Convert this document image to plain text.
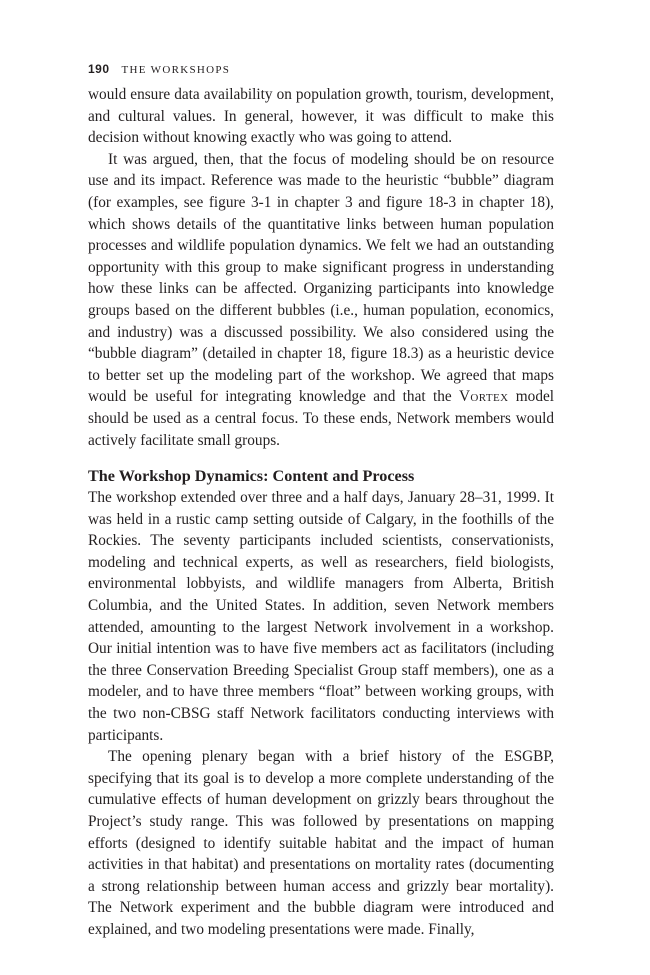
190 THE WORKSHOPS

would ensure data availability on population growth, tourism, development, and cultural values. In general, however, it was difficult to make this decision without knowing exactly who was going to attend.

It was argued, then, that the focus of modeling should be on resource use and its impact. Reference was made to the heuristic “bubble” diagram (for examples, see figure 3-1 in chapter 3 and figure 18-3 in chapter 18), which shows details of the quantitative links between human population processes and wildlife population dynamics. We felt we had an outstanding opportunity with this group to make significant progress in understanding how these links can be affected. Organizing participants into knowledge groups based on the different bubbles (i.e., human population, economics, and industry) was a discussed possibility. We also considered using the “bubble diagram” (detailed in chapter 18, figure 18.3) as a heuristic device to better set up the modeling part of the workshop. We agreed that maps would be useful for integrating knowledge and that the Vortex model should be used as a central focus. To these ends, Network members would actively facilitate small groups.

The Workshop Dynamics: Content and Process

The workshop extended over three and a half days, January 28–31, 1999. It was held in a rustic camp setting outside of Calgary, in the foothills of the Rockies. The seventy participants included scientists, conservationists, modeling and technical experts, as well as researchers, field biologists, environmental lobbyists, and wildlife managers from Alberta, British Columbia, and the United States. In addition, seven Network members attended, amounting to the largest Network involvement in a workshop. Our initial intention was to have five members act as facilitators (including the three Conservation Breeding Specialist Group staff members), one as a modeler, and to have three members “float” between working groups, with the two non-CBSG staff Network facilitators conducting interviews with participants.

The opening plenary began with a brief history of the ESGBP, specifying that its goal is to develop a more complete understanding of the cumulative effects of human development on grizzly bears throughout the Project’s study range. This was followed by presentations on mapping efforts (designed to identify suitable habitat and the impact of human activities in that habitat) and presentations on mortality rates (documenting a strong relationship between human access and grizzly bear mortality). The Network experiment and the bubble diagram were introduced and explained, and two modeling presentations were made. Finally,
